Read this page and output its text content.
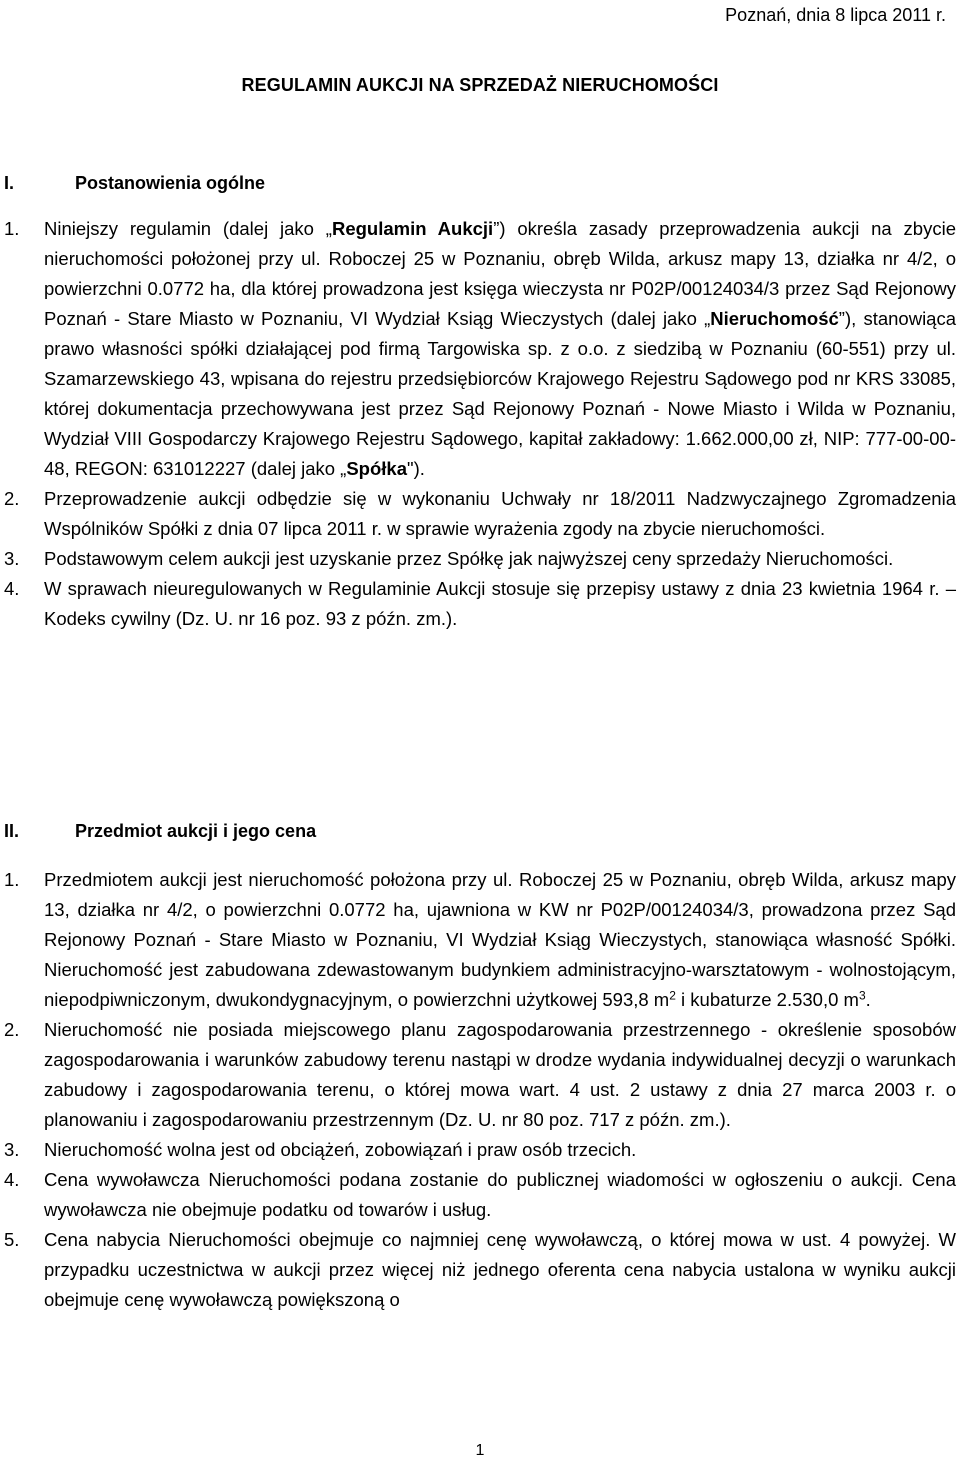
Poznań, dnia 8 lipca 2011 r.
REGULAMIN AUKCJI NA SPRZEDAŻ NIERUCHOMOŚCI
I.	Postanowienia ogólne
1.	Niniejszy regulamin (dalej jako „Regulamin Aukcji”) określa zasady przeprowadzenia aukcji na zbycie nieruchomości położonej przy ul. Roboczej 25 w Poznaniu, obręb Wilda, arkusz mapy 13, działka nr 4/2, o powierzchni 0.0772 ha, dla której prowadzona jest księga wieczysta nr P02P/00124034/3 przez Sąd Rejonowy Poznań - Stare Miasto w Poznaniu, VI Wydział Ksiąg Wieczystych (dalej jako „Nieruchomość”), stanowiąca prawo własności spółki działającej pod firmą Targowiska sp. z o.o. z siedzibą w Poznaniu (60-551) przy ul. Szamarzewskiego 43, wpisana do rejestru przedsiębiorców Krajowego Rejestru Sądowego pod nr KRS 33085, której dokumentacja przechowywana jest przez Sąd Rejonowy Poznań - Nowe Miasto i Wilda w Poznaniu, Wydział VIII Gospodarczy Krajowego Rejestru Sądowego, kapitał zakładowy: 1.662.000,00 zł, NIP: 777-00-00-48, REGON: 631012227 (dalej jako „Spółka").
2.	Przeprowadzenie aukcji odbędzie się w wykonaniu Uchwały nr 18/2011 Nadzwyczajnego Zgromadzenia Wspólników Spółki z dnia 07 lipca 2011 r. w sprawie wyrażenia zgody na zbycie nieruchomości.
3.	Podstawowym celem aukcji jest uzyskanie przez Spółkę jak najwyższej ceny sprzedaży Nieruchomości.
4.	W sprawach nieuregulowanych w Regulaminie Aukcji stosuje się przepisy ustawy z dnia 23 kwietnia 1964 r. – Kodeks cywilny (Dz. U. nr 16 poz. 93 z późn. zm.).
II.	Przedmiot aukcji i jego cena
1.	Przedmiotem aukcji jest nieruchomość położona przy ul. Roboczej 25 w Poznaniu, obręb Wilda, arkusz mapy 13, działka nr 4/2, o powierzchni 0.0772 ha, ujawniona w KW nr P02P/00124034/3, prowadzona przez Sąd Rejonowy Poznań - Stare Miasto w Poznaniu, VI Wydział Ksiąg Wieczystych, stanowiąca własność Spółki. Nieruchomość jest zabudowana zdewastowanym budynkiem administracyjno-warsztatowym - wolnostojącym, niepodpiwniczonym, dwukondygnacyjnym, o powierzchni użytkowej 593,8 $m^2$ i kubaturze 2.530,0 $m^3$.
2.	Nieruchomość nie posiada miejscowego planu zagospodarowania przestrzennego - określenie sposobów zagospodarowania i warunków zabudowy terenu nastąpi w drodze wydania indywidualnej decyzji o warunkach zabudowy i zagospodarowania terenu, o której mowa wart. 4 ust. 2 ustawy z dnia 27 marca 2003 r. o planowaniu i zagospodarowaniu przestrzennym (Dz. U. nr 80 poz. 717 z późn. zm.).
3.	Nieruchomość wolna jest od obciążeń, zobowiązań i praw osób trzecich.
4.	Cena wywoławcza Nieruchomości podana zostanie do publicznej wiadomości w ogłoszeniu o aukcji. Cena wywoławcza nie obejmuje podatku od towarów i usług.
5.	Cena nabycia Nieruchomości obejmuje co najmniej cenę wywoławczą, o której mowa w ust. 4 powyżej. W przypadku uczestnictwa w aukcji przez więcej niż jednego oferenta cena nabycia ustalona w wyniku aukcji obejmuje cenę wywoławczą powiększoną o
1
